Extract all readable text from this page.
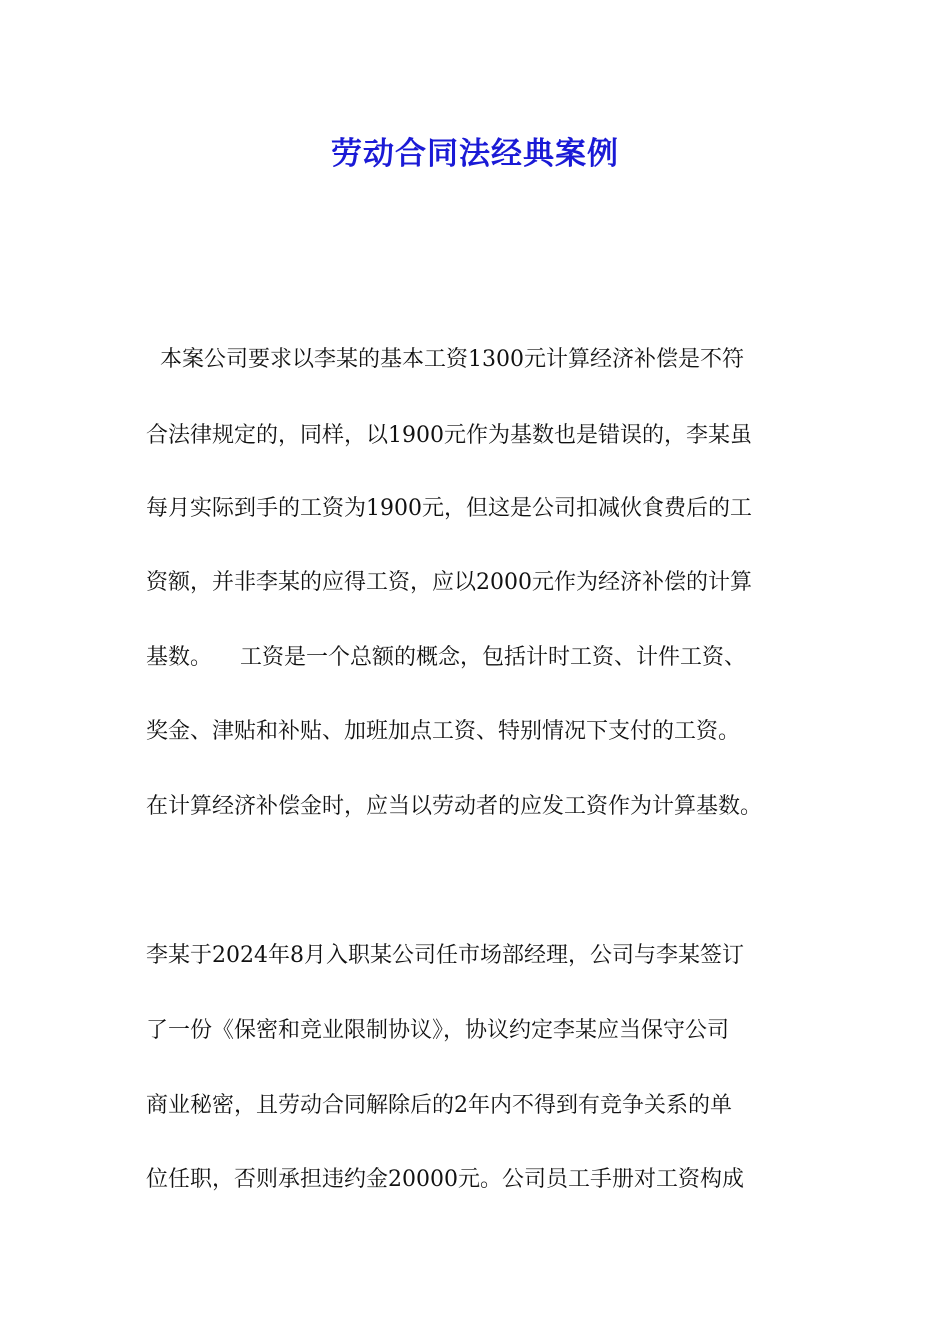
劳动合同法经典案例

本案公司要求以李某的基本工资1300元计算经济补偿是不符

合法律规定的，同样，以1900元作为基数也是错误的，李某虽

每月实际到手的工资为1900元，但这是公司扣减伙食费后的工

资额，并非李某的应得工资，应以2000元作为经济补偿的计算

基数。    工资是一个总额的概念，包括计时工资、计件工资、

奖金、津贴和补贴、加班加点工资、特别情况下支付的工资。

在计算经济补偿金时，应当以劳动者的应发工资作为计算基数。

李某于2024年8月入职某公司任市场部经理，公司与李某签订

了一份《保密和竞业限制协议》，协议约定李某应当保守公司

商业秘密，且劳动合同解除后的2年内不得到有竞争关系的单

位任职，否则承担违约金20000元。公司员工手册对工资构成
